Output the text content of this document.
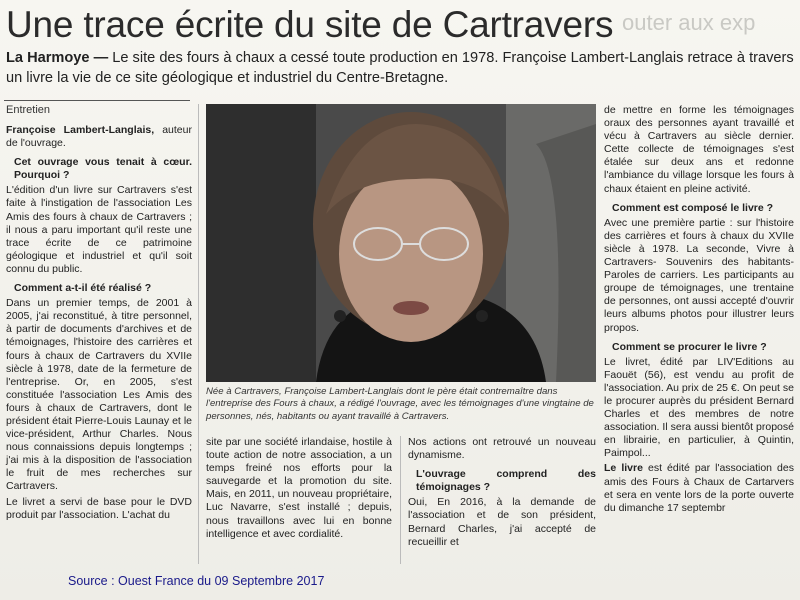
outer aux exp
Une trace écrite du site de Cartravers
La Harmoye — Le site des fours à chaux a cessé toute production en 1978. Françoise Lambert-Langlais retrace à travers un livre la vie de ce site géologique et industriel du Centre-Bretagne.
Entretien

Françoise Lambert-Langlais, auteur de l'ouvrage.

Cet ouvrage vous tenait à cœur. Pourquoi ?

L'édition d'un livre sur Cartravers s'est faite à l'instigation de l'association Les Amis des fours à chaux de Cartravers ; il nous a paru important qu'il reste une trace écrite de ce patrimoine géologique et industriel et qu'il soit connu du public.

Comment a-t-il été réalisé ?

Dans un premier temps, de 2001 à 2005, j'ai reconstitué, à titre personnel, à partir de documents d'archives et de témoignages, l'histoire des carrières et fours à chaux de Cartravers du XVIIe siècle à 1978, date de la fermeture de l'entreprise. Or, en 2005, s'est constituée l'association Les Amis des fours à chaux de Cartravers, dont le président était Pierre-Louis Launay et le vice-président, Arthur Charles. Nous nous connaissions depuis longtemps ; j'ai mis à la disposition de l'association le fruit de mes recherches sur Cartravers.

Le livret a servi de base pour le DVD produit par l'association. L'achat du

Née à Cartravers, Françoise Lambert-Langlais dont le père était contremaître dans l'entreprise des Fours à chaux, a rédigé l'ouvrage, avec les témoignages d'une vingtaine de personnes, nés, habitants ou ayant travaillé à Cartravers.

site par une société irlandaise, hostile à toute action de notre association, a un temps freiné nos efforts pour la sauvegarde et la promotion du site. Mais, en 2011, un nouveau propriétaire, Luc Navarre, s'est installé ; depuis, nous travaillons avec lui en bonne intelligence et avec cordialité.

Nos actions ont retrouvé un nouveau dynamisme.

L'ouvrage comprend des témoignages ?

Oui, En 2016, à la demande de l'association et de son président, Bernard Charles, j'ai accepté de recueillir et

de mettre en forme les témoignages oraux des personnes ayant travaillé et vécu à Cartravers au siècle dernier. Cette collecte de témoignages s'est étalée sur deux ans et redonne l'ambiance du village lorsque les fours à chaux étaient en pleine activité.

Comment est composé le livre ?

Avec une première partie : sur l'histoire des carrières et fours à chaux du XVIIe siècle à 1978. La seconde, Vivre à Cartravers- Souvenirs des habitants-Paroles de carriers. Les participants au groupe de témoignages, une trentaine de personnes, ont aussi accepté d'ouvrir leurs albums photos pour illustrer leurs propos.

Comment se procurer le livre ?

Le livret, édité par LIV'Editions au Faouët (56), est vendu au profit de l'association. Au prix de 25 €. On peut se le procurer auprès du président Bernard Charles et des membres de notre association. Il sera aussi bientôt proposé en librairie, en particulier, à Quintin, Paimpol...

Le livre est édité par l'association des amis des Fours à Chaux de Cartarvers et sera en vente lors de la porte ouverte du dimanche 17 septembr

Source : Ouest France du 09 Septembre 2017
